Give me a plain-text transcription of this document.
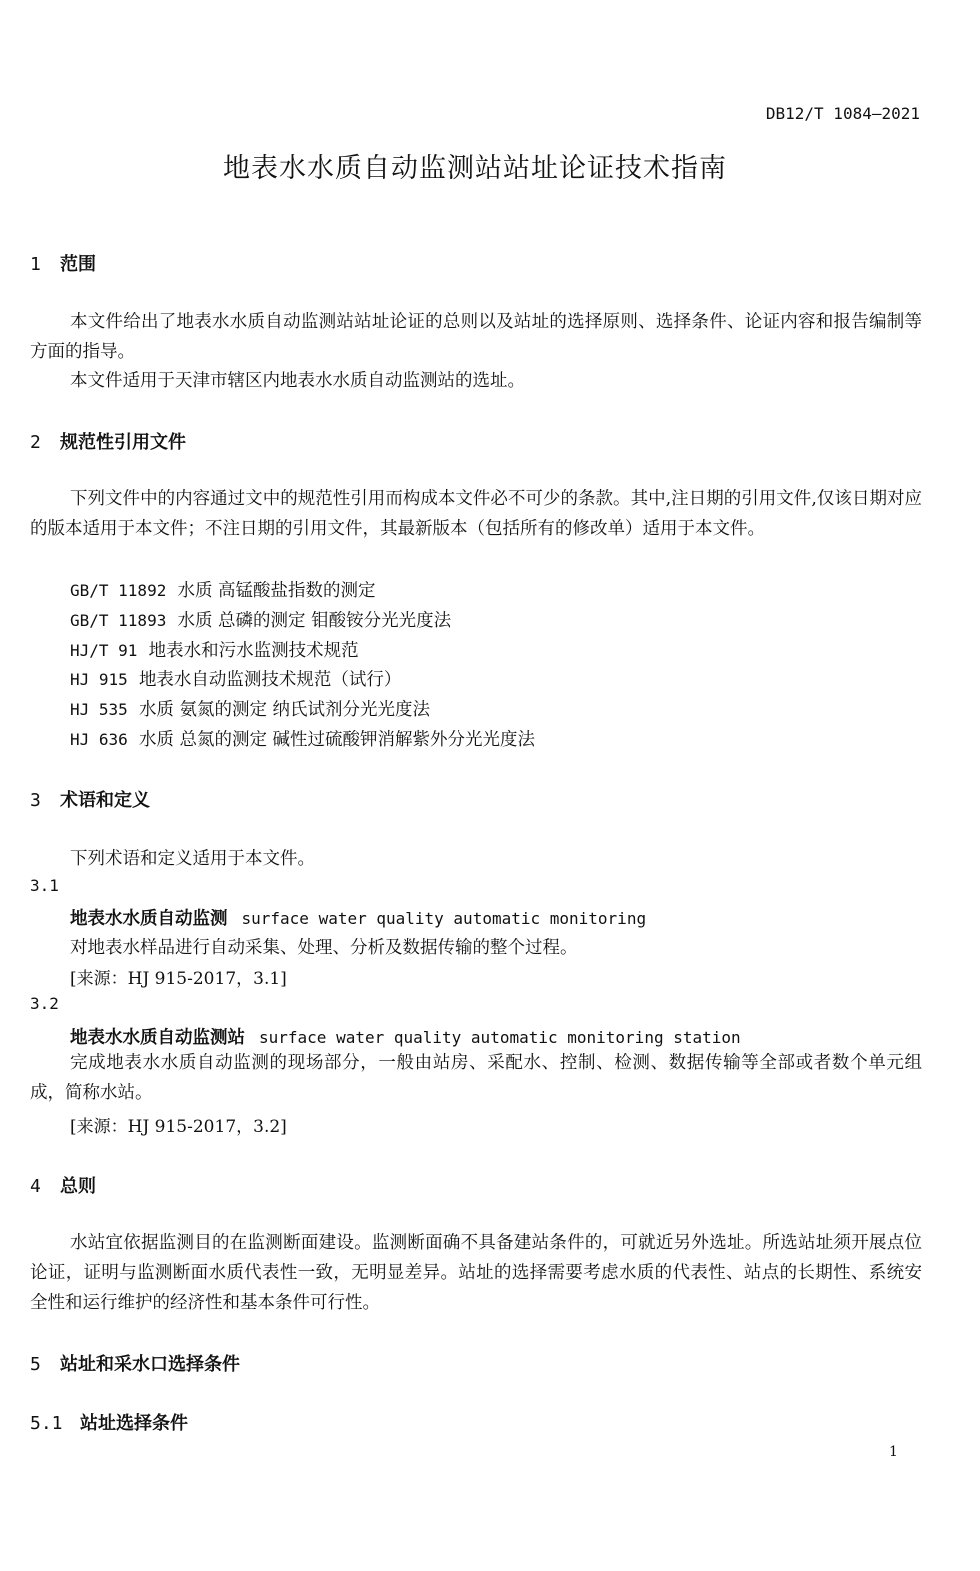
DB12/T 1084—2021
地表水水质自动监测站站址论证技术指南
1 范围
本文件给出了地表水水质自动监测站站址论证的总则以及站址的选择原则、选择条件、论证内容和报告编制等方面的指导。
本文件适用于天津市辖区内地表水水质自动监测站的选址。
2 规范性引用文件
下列文件中的内容通过文中的规范性引用而构成本文件必不可少的条款。其中,注日期的引用文件,仅该日期对应的版本适用于本文件；不注日期的引用文件，其最新版本（包括所有的修改单）适用于本文件。
GB/T 11892 水质 高锰酸盐指数的测定
GB/T 11893 水质 总磷的测定 钼酸铵分光光度法
HJ/T 91 地表水和污水监测技术规范
HJ 915 地表水自动监测技术规范（试行）
HJ 535 水质 氨氮的测定 纳氏试剂分光光度法
HJ 636 水质 总氮的测定 碱性过硫酸钾消解紫外分光光度法
3 术语和定义
下列术语和定义适用于本文件。
3.1
地表水水质自动监测 surface water quality automatic monitoring
对地表水样品进行自动采集、处理、分析及数据传输的整个过程。
[来源：HJ 915-2017，3.1]
3.2
地表水水质自动监测站 surface water quality automatic monitoring station
完成地表水水质自动监测的现场部分，一般由站房、采配水、控制、检测、数据传输等全部或者数个单元组成，简称水站。
[来源：HJ 915-2017，3.2]
4 总则
水站宜依据监测目的在监测断面建设。监测断面确不具备建站条件的，可就近另外选址。所选站址须开展点位论证，证明与监测断面水质代表性一致，无明显差异。站址的选择需要考虑水质的代表性、站点的长期性、系统安全性和运行维护的经济性和基本条件可行性。
5 站址和采水口选择条件
5.1 站址选择条件
1
